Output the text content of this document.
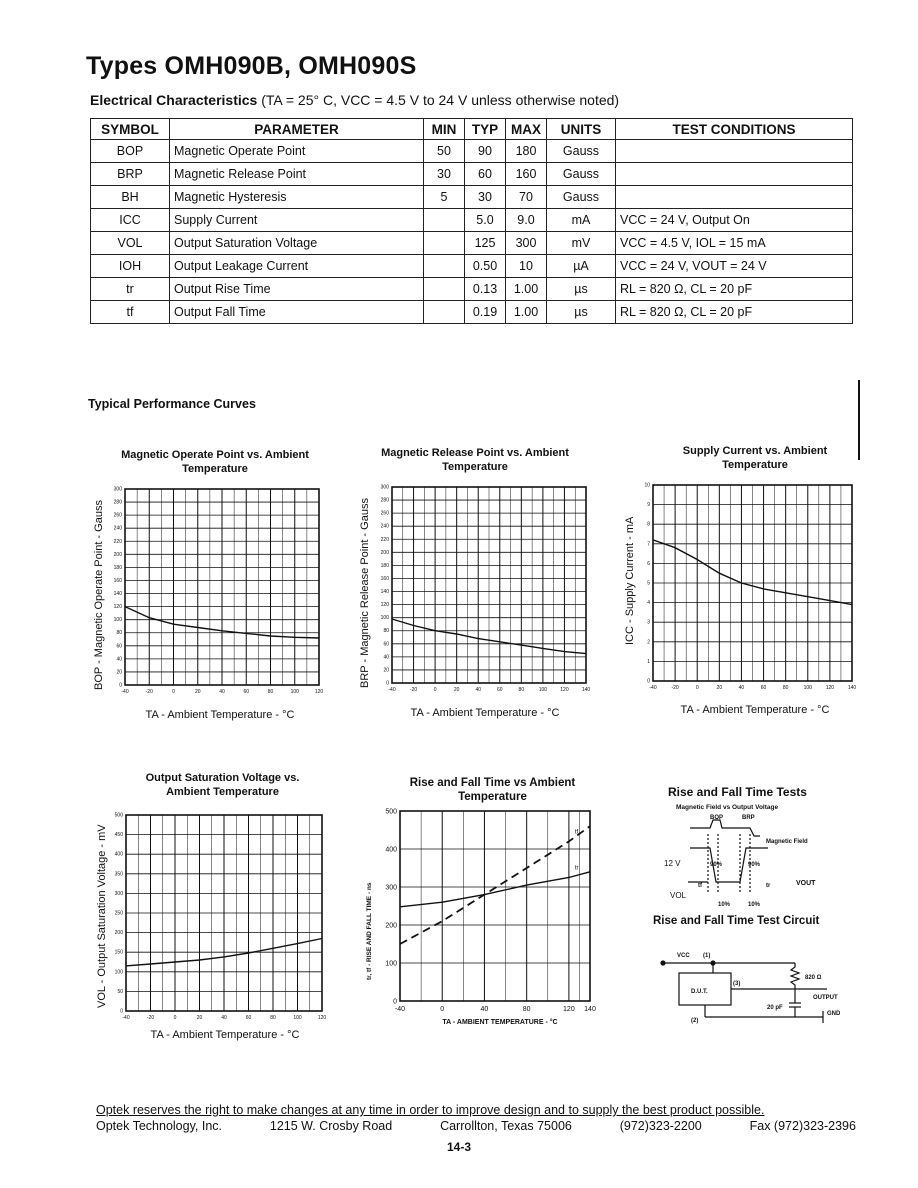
Types OMH090B, OMH090S
Electrical Characteristics (TA = 25° C, VCC = 4.5 V to 24 V unless otherwise noted)
SYMBOL	PARAMETER	MIN	TYP	MAX	UNITS	TEST CONDITIONS
BOP	Magnetic Operate Point	50	90	180	Gauss	
BRP	Magnetic Release Point	30	60	160	Gauss	
BH	Magnetic Hysteresis	5	30	70	Gauss	
ICC	Supply Current		5.0	9.0	mA	VCC = 24 V, Output On
VOL	Output Saturation Voltage		125	300	mV	VCC = 4.5 V, IOL = 15 mA
IOH	Output Leakage Current		0.50	10	µA	VCC = 24 V, VOUT = 24 V
tr	Output Rise Time		0.13	1.00	µs	RL = 820 Ω, CL = 20 pF
tf	Output Fall Time		0.19	1.00	µs	RL = 820 Ω, CL = 20 pF
Typical Performance Curves
Magnetic Operate Point vs. Ambient Temperature
-40	-20	0	20	40	60	80	100	120
0
20
40
60
80
100
120
140
160
180
200
220
240
260
280
300
TA - Ambient Temperature - °C
BOP - Magnetic Operate Point - Gauss
Magnetic Release Point vs. Ambient Temperature
-40	-20	0	20	40	60	80	100	120	140
0
20
40
60
80
100
120
140
160
180
200
220
240
260
280
300
TA - Ambient Temperature - °C
BRP - Magnetic Release Point - Gauss
Supply Current vs. Ambient Temperature
-40	-20	0	20	40	60	80	100	120	140
0
1
2
3
4
5
6
7
8
9
10
TA - Ambient Temperature - °C
ICC - Supply Current - mA
Output Saturation Voltage vs. Ambient Temperature
-40	-20	0	20	40	60	80	100	120
0
50
100
150
200
250
300
350
400
450
500
TA - Ambient Temperature - °C
VOL - Output Saturation Voltage - mV
Rise and Fall Time vs Ambient Temperature
-40	0	40	80	120 140
0
100
200
300
400
500
tf
tr
TA - AMBIENT TEMPERATURE - °C
tr, tf - RISE AND FALL TIME - ns
Rise and Fall Time Tests
Magnetic Field vs Output Voltage
BOP	BRP
Magnetic Field
12 V	90%	90%
VOL
tf	tr	VOUT
10%	10%
Rise and Fall Time Test Circuit
VCC (1)
D.U.T.
(3)
(2)
820 Ω
20 pF
OUTPUT
GND
Optek reserves the right to make changes at any time in order to improve design and to supply the best product possible.
Optek Technology, Inc.	1215 W. Crosby Road	Carrollton, Texas 75006	(972)323-2200	Fax (972)323-2396
14-3
